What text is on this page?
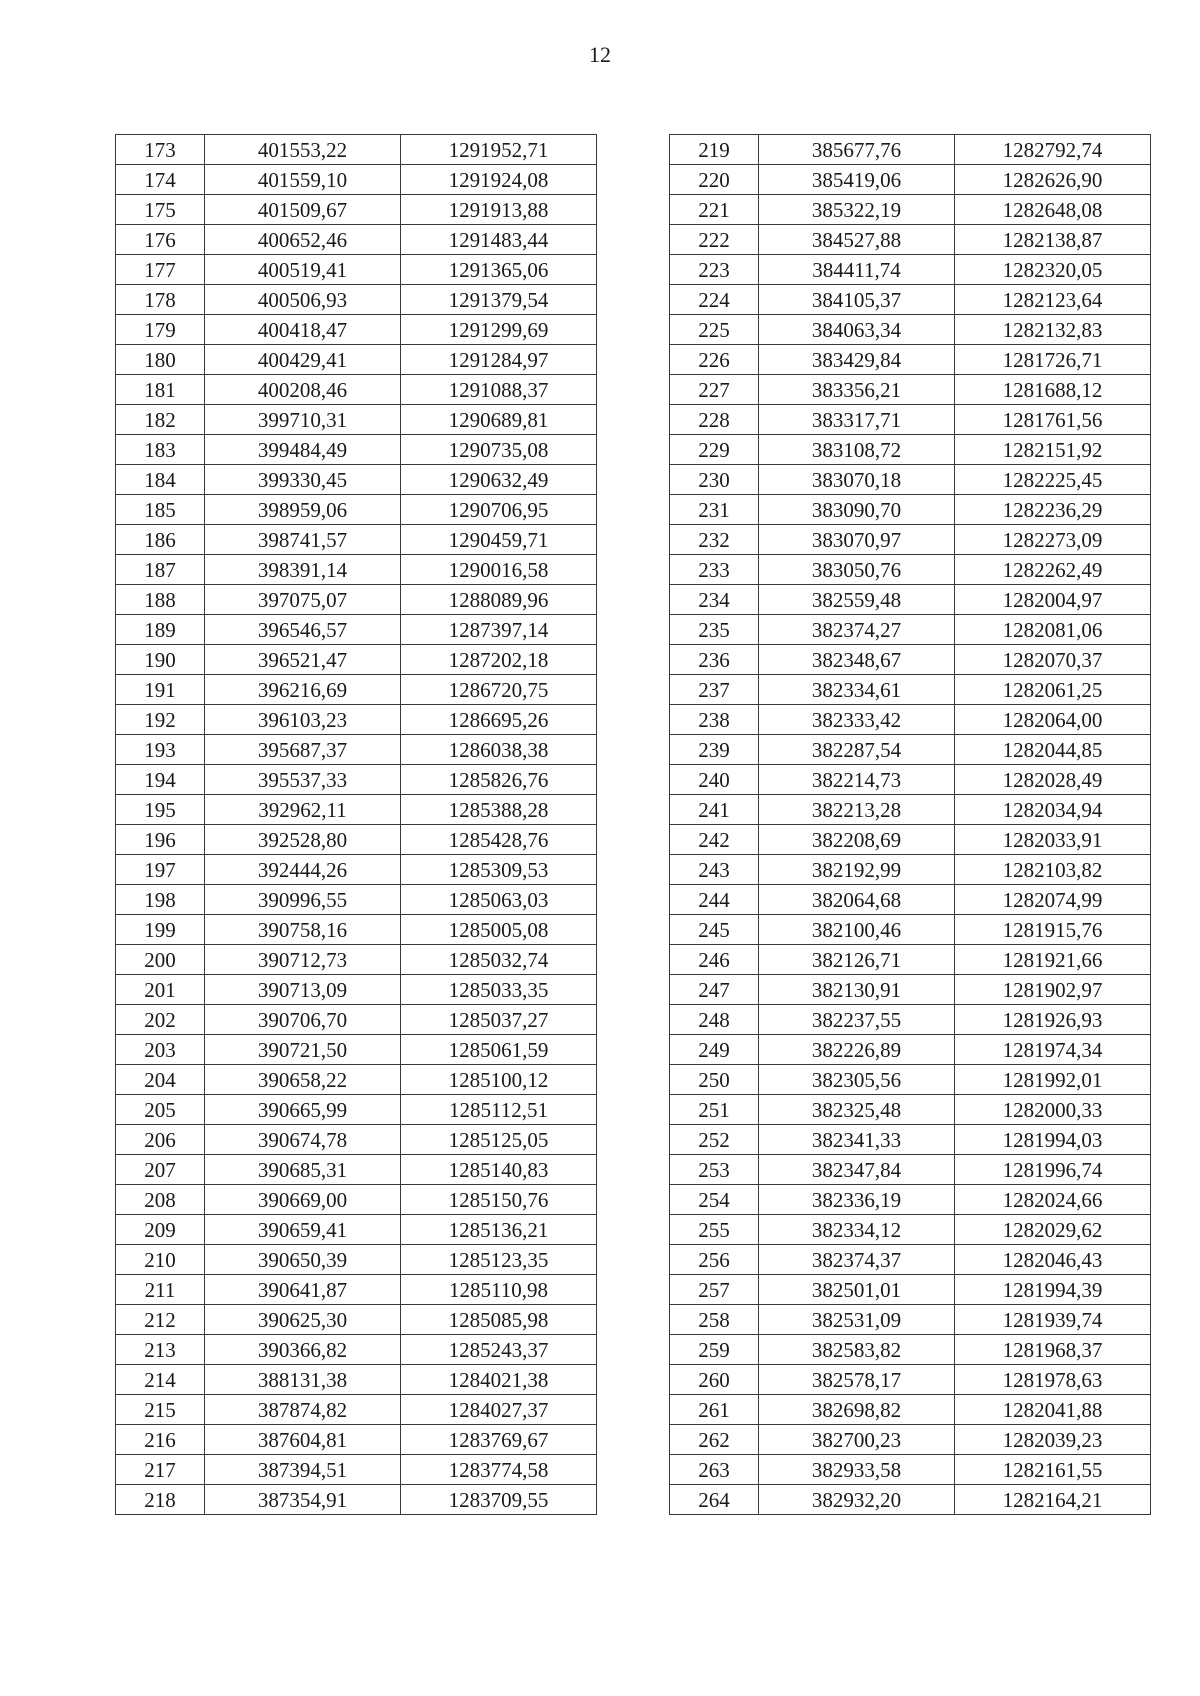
12
173	401553,22	1291952,71
174	401559,10	1291924,08
175	401509,67	1291913,88
176	400652,46	1291483,44
177	400519,41	1291365,06
178	400506,93	1291379,54
179	400418,47	1291299,69
180	400429,41	1291284,97
181	400208,46	1291088,37
182	399710,31	1290689,81
183	399484,49	1290735,08
184	399330,45	1290632,49
185	398959,06	1290706,95
186	398741,57	1290459,71
187	398391,14	1290016,58
188	397075,07	1288089,96
189	396546,57	1287397,14
190	396521,47	1287202,18
191	396216,69	1286720,75
192	396103,23	1286695,26
193	395687,37	1286038,38
194	395537,33	1285826,76
195	392962,11	1285388,28
196	392528,80	1285428,76
197	392444,26	1285309,53
198	390996,55	1285063,03
199	390758,16	1285005,08
200	390712,73	1285032,74
201	390713,09	1285033,35
202	390706,70	1285037,27
203	390721,50	1285061,59
204	390658,22	1285100,12
205	390665,99	1285112,51
206	390674,78	1285125,05
207	390685,31	1285140,83
208	390669,00	1285150,76
209	390659,41	1285136,21
210	390650,39	1285123,35
211	390641,87	1285110,98
212	390625,30	1285085,98
213	390366,82	1285243,37
214	388131,38	1284021,38
215	387874,82	1284027,37
216	387604,81	1283769,67
217	387394,51	1283774,58
218	387354,91	1283709,55
219	385677,76	1282792,74
220	385419,06	1282626,90
221	385322,19	1282648,08
222	384527,88	1282138,87
223	384411,74	1282320,05
224	384105,37	1282123,64
225	384063,34	1282132,83
226	383429,84	1281726,71
227	383356,21	1281688,12
228	383317,71	1281761,56
229	383108,72	1282151,92
230	383070,18	1282225,45
231	383090,70	1282236,29
232	383070,97	1282273,09
233	383050,76	1282262,49
234	382559,48	1282004,97
235	382374,27	1282081,06
236	382348,67	1282070,37
237	382334,61	1282061,25
238	382333,42	1282064,00
239	382287,54	1282044,85
240	382214,73	1282028,49
241	382213,28	1282034,94
242	382208,69	1282033,91
243	382192,99	1282103,82
244	382064,68	1282074,99
245	382100,46	1281915,76
246	382126,71	1281921,66
247	382130,91	1281902,97
248	382237,55	1281926,93
249	382226,89	1281974,34
250	382305,56	1281992,01
251	382325,48	1282000,33
252	382341,33	1281994,03
253	382347,84	1281996,74
254	382336,19	1282024,66
255	382334,12	1282029,62
256	382374,37	1282046,43
257	382501,01	1281994,39
258	382531,09	1281939,74
259	382583,82	1281968,37
260	382578,17	1281978,63
261	382698,82	1282041,88
262	382700,23	1282039,23
263	382933,58	1282161,55
264	382932,20	1282164,21
